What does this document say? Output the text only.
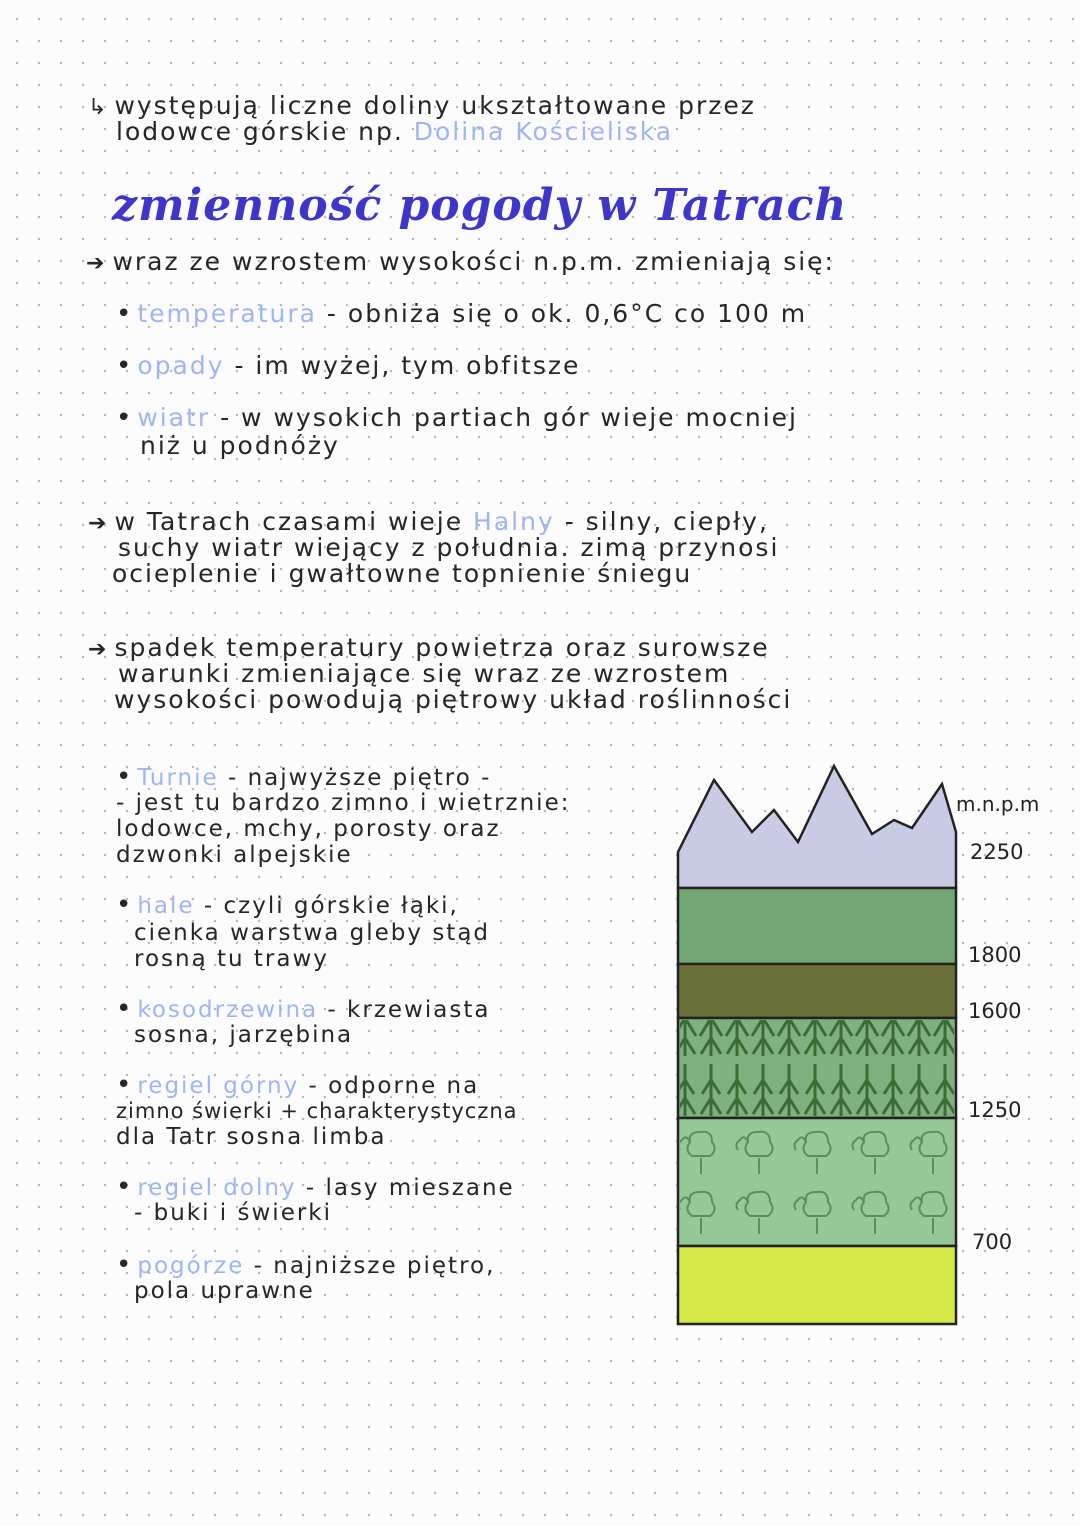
↳ występują liczne doliny ukształtowane przez
lodowce górskie np. Dolina Kościeliska
zmienność pogody w Tatrach
➔ wraz ze wzrostem wysokości n.p.m. zmieniają się:
• temperatura - obniża się o ok. 0,6°C co 100 m
• opady - im wyżej, tym obfitsze
• wiatr - w wysokich partiach gór wieje mocniej
niż u podnóży
➔ w Tatrach czasami wieje Halny - silny, ciepły,
suchy wiatr wiejący z południa. zimą przynosi
ocieplenie i gwałtowne topnienie śniegu
➔ spadek temperatury powietrza oraz surowsze
warunki zmieniające się wraz ze wzrostem
wysokości powodują piętrowy układ roślinności
• Turnie - najwyższe piętro -
- jest tu bardzo zimno i wietrznie:
lodowce, mchy, porosty oraz
dzwonki alpejskie
• hale - czyli górskie łąki,
cienka warstwa gleby stąd
rosną tu trawy
• kosodrzewina - krzewiasta
sosna, jarzębina
• regiel górny - odporne na
zimno świerki + charakterystyczna
dla Tatr sosna limba
• regiel dolny - lasy mieszane
- buki i świerki
• pogórze - najniższe piętro,
pola uprawne
m.n.p.m
2250
1800
1600
1250
700
